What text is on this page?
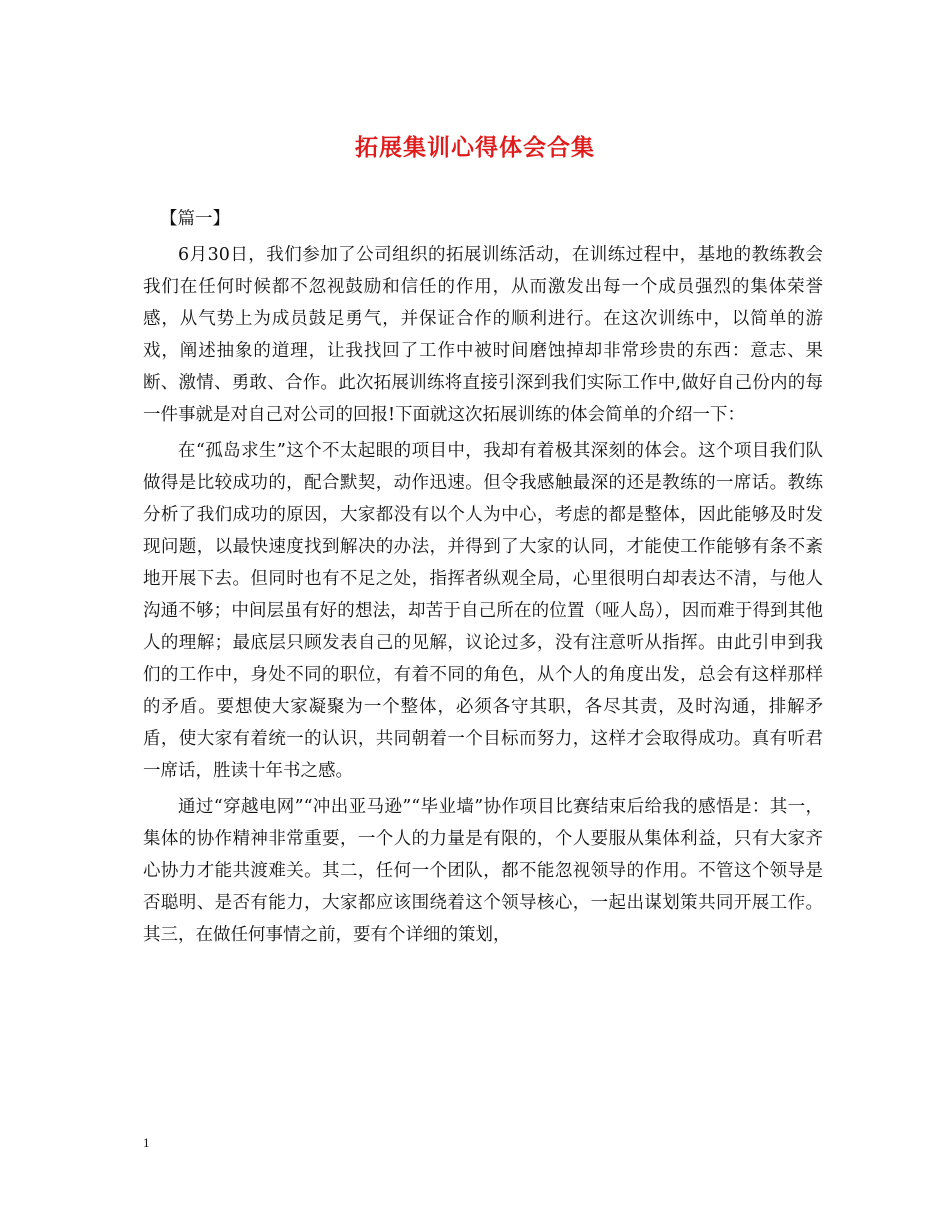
拓展集训心得体会合集
【篇一】

6月30日，我们参加了公司组织的拓展训练活动，在训练过程中，基地的教练教会我们在任何时候都不忽视鼓励和信任的作用，从而激发出每一个成员强烈的集体荣誉感，从气势上为成员鼓足勇气，并保证合作的顺利进行。在这次训练中，以简单的游戏，阐述抽象的道理，让我找回了工作中被时间磨蚀掉却非常珍贵的东西：意志、果断、激情、勇敢、合作。此次拓展训练将直接引深到我们实际工作中,做好自己份内的每一件事就是对自己对公司的回报!下面就这次拓展训练的体会简单的介绍一下：

在“孤岛求生”这个不太起眼的项目中，我却有着极其深刻的体会。这个项目我们队做得是比较成功的，配合默契，动作迅速。但令我感触最深的还是教练的一席话。教练分析了我们成功的原因，大家都没有以个人为中心，考虑的都是整体，因此能够及时发现问题，以最快速度找到解决的办法，并得到了大家的认同，才能使工作能够有条不紊地开展下去。但同时也有不足之处，指挥者纵观全局，心里很明白却表达不清，与他人沟通不够；中间层虽有好的想法，却苦于自己所在的位置（哑人岛），因而难于得到其他人的理解；最底层只顾发表自己的见解，议论过多，没有注意听从指挥。由此引申到我们的工作中，身处不同的职位，有着不同的角色，从个人的角度出发，总会有这样那样的矛盾。要想使大家凝聚为一个整体，必须各守其职，各尽其责，及时沟通，排解矛盾，使大家有着统一的认识，共同朝着一个目标而努力，这样才会取得成功。真有听君一席话，胜读十年书之感。

通过“穿越电网”“冲出亚马逊”“毕业墙”协作项目比赛结束后给我的感悟是：其一，集体的协作精神非常重要，一个人的力量是有限的，个人要服从集体利益，只有大家齐心协力才能共渡难关。其二，任何一个团队，都不能忽视领导的作用。不管这个领导是否聪明、是否有能力，大家都应该围绕着这个领导核心，一起出谋划策共同开展工作。其三，在做任何事情之前，要有个详细的策划，

1
